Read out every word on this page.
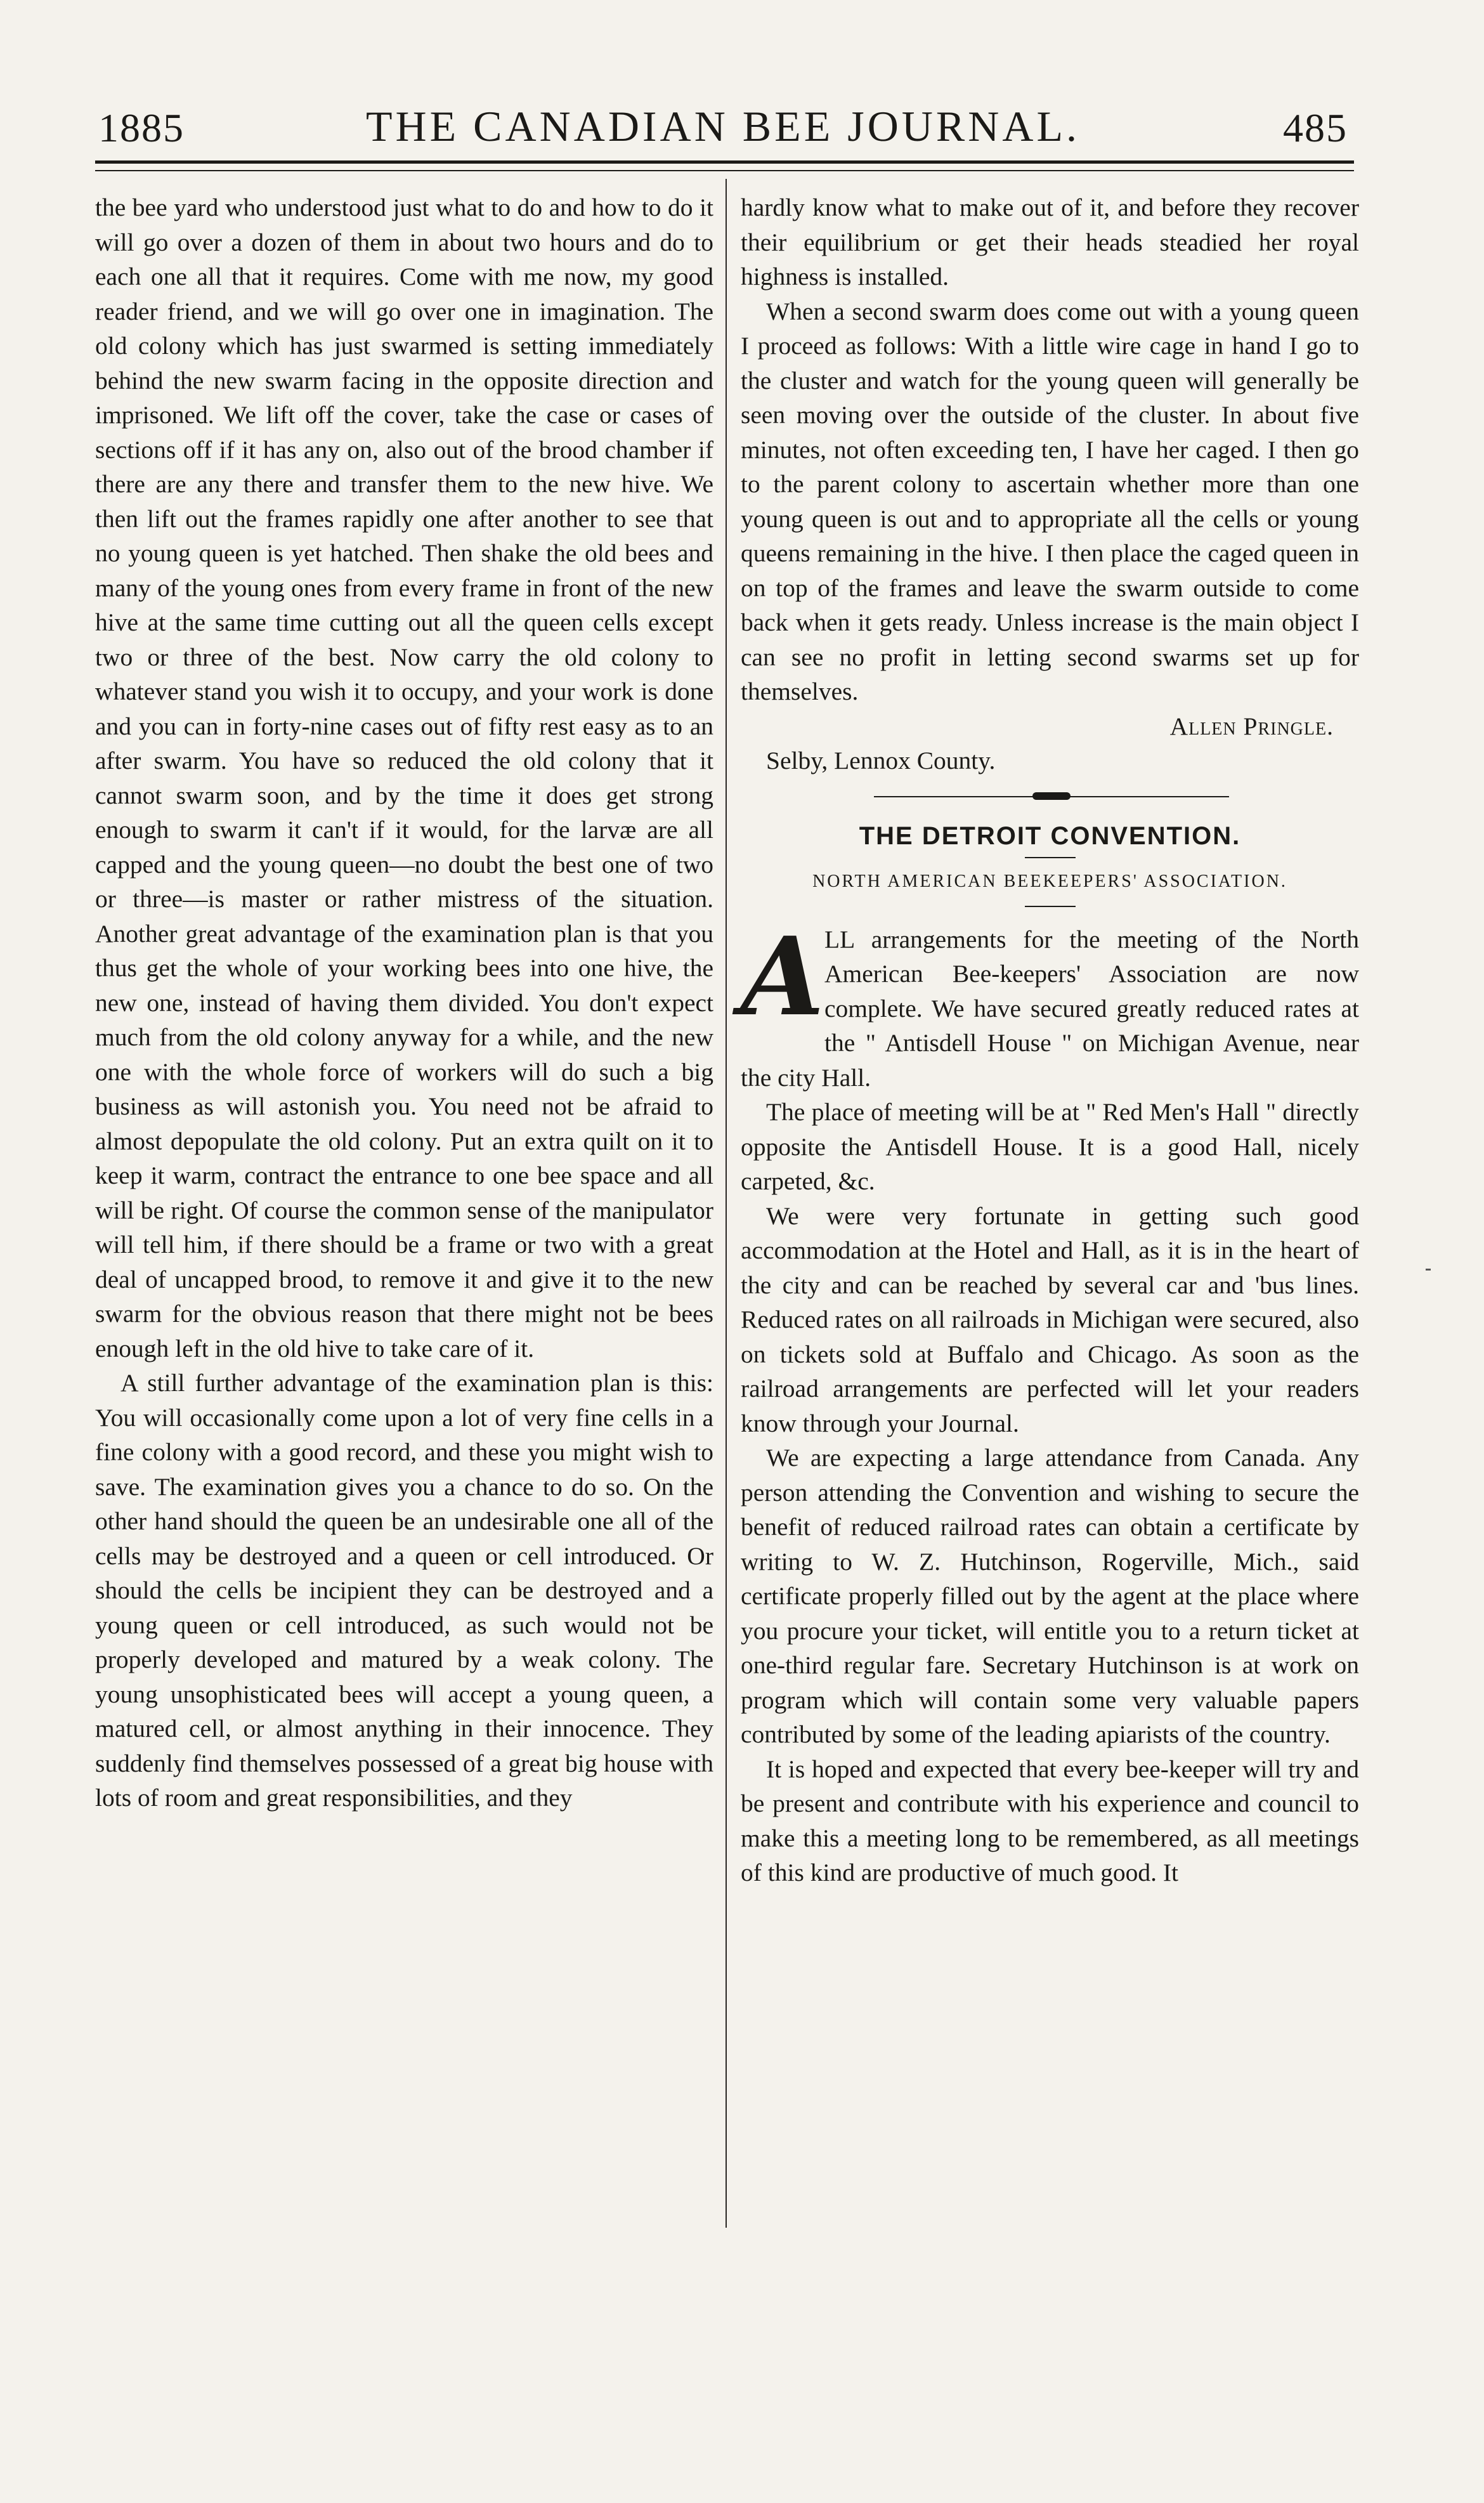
1885	THE CANADIAN BEE JOURNAL.	485

the bee yard who understood just what to do and how to do it will go over a dozen of them in about two hours and do to each one all that it requires. Come with me now, my good reader friend, and we will go over one in imagination. The old colony which has just swarmed is setting immediately behind the new swarm facing in the opposite direction and imprisoned. We lift off the cover, take the case or cases of sections off if it has any on, also out of the brood chamber if there are any there and transfer them to the new hive. We then lift out the frames rapidly one after another to see that no young queen is yet hatched. Then shake the old bees and many of the young ones from every frame in front of the new hive at the same time cutting out all the queen cells except two or three of the best. Now carry the old colony to whatever stand you wish it to occupy, and your work is done and you can in forty-nine cases out of fifty rest easy as to an after swarm. You have so reduced the old colony that it cannot swarm soon, and by the time it does get strong enough to swarm it can't if it would, for the larvæ are all capped and the young queen—no doubt the best one of two or three—is master or rather mistress of the situation. Another great advantage of the examination plan is that you thus get the whole of your working bees into one hive, the new one, instead of having them divided. You don't expect much from the old colony anyway for a while, and the new one with the whole force of workers will do such a big business as will astonish you. You need not be afraid to almost depopulate the old colony. Put an extra quilt on it to keep it warm, contract the entrance to one bee space and all will be right. Of course the common sense of the manipulator will tell him, if there should be a frame or two with a great deal of uncapped brood, to remove it and give it to the new swarm for the obvious reason that there might not be bees enough left in the old hive to take care of it.

A still further advantage of the examination plan is this: You will occasionally come upon a lot of very fine cells in a fine colony with a good record, and these you might wish to save. The examination gives you a chance to do so. On the other hand should the queen be an undesirable one all of the cells may be destroyed and a queen or cell introduced. Or should the cells be incipient they can be destroyed and a young queen or cell introduced, as such would not be properly developed and matured by a weak colony. The young unsophisticated bees will accept a young queen, a matured cell, or almost anything in their innocence. They suddenly find themselves possessed of a great big house with lots of room and great responsibilities, and they

hardly know what to make out of it, and before they recover their equilibrium or get their heads steadied her royal highness is installed.

When a second swarm does come out with a young queen I proceed as follows: With a little wire cage in hand I go to the cluster and watch for the young queen will generally be seen moving over the outside of the cluster. In about five minutes, not often exceeding ten, I have her caged. I then go to the parent colony to ascertain whether more than one young queen is out and to appropriate all the cells or young queens remaining in the hive. I then place the caged queen in on top of the frames and leave the swarm outside to come back when it gets ready. Unless increase is the main object I can see no profit in letting second swarms set up for themselves.

Allen Pringle.

Selby, Lennox County.

THE DETROIT CONVENTION.

NORTH AMERICAN BEEKEEPERS' ASSOCIATION.

ALL arrangements for the meeting of the North American Bee-keepers' Association are now complete. We have secured greatly reduced rates at the " Antisdell House " on Michigan Avenue, near the city Hall.

The place of meeting will be at " Red Men's Hall " directly opposite the Antisdell House. It is a good Hall, nicely carpeted, &c.

We were very fortunate in getting such good accommodation at the Hotel and Hall, as it is in the heart of the city and can be reached by several car and 'bus lines. Reduced rates on all railroads in Michigan were secured, also on tickets sold at Buffalo and Chicago. As soon as the railroad arrangements are perfected will let your readers know through your Journal.

We are expecting a large attendance from Canada. Any person attending the Convention and wishing to secure the benefit of reduced railroad rates can obtain a certificate by writing to W. Z. Hutchinson, Rogerville, Mich., said certificate properly filled out by the agent at the place where you procure your ticket, will entitle you to a return ticket at one-third regular fare. Secretary Hutchinson is at work on program which will contain some very valuable papers contributed by some of the leading apiarists of the country.

It is hoped and expected that every bee-keeper will try and be present and contribute with his experience and council to make this a meeting long to be remembered, as all meetings of this kind are productive of much good. It
